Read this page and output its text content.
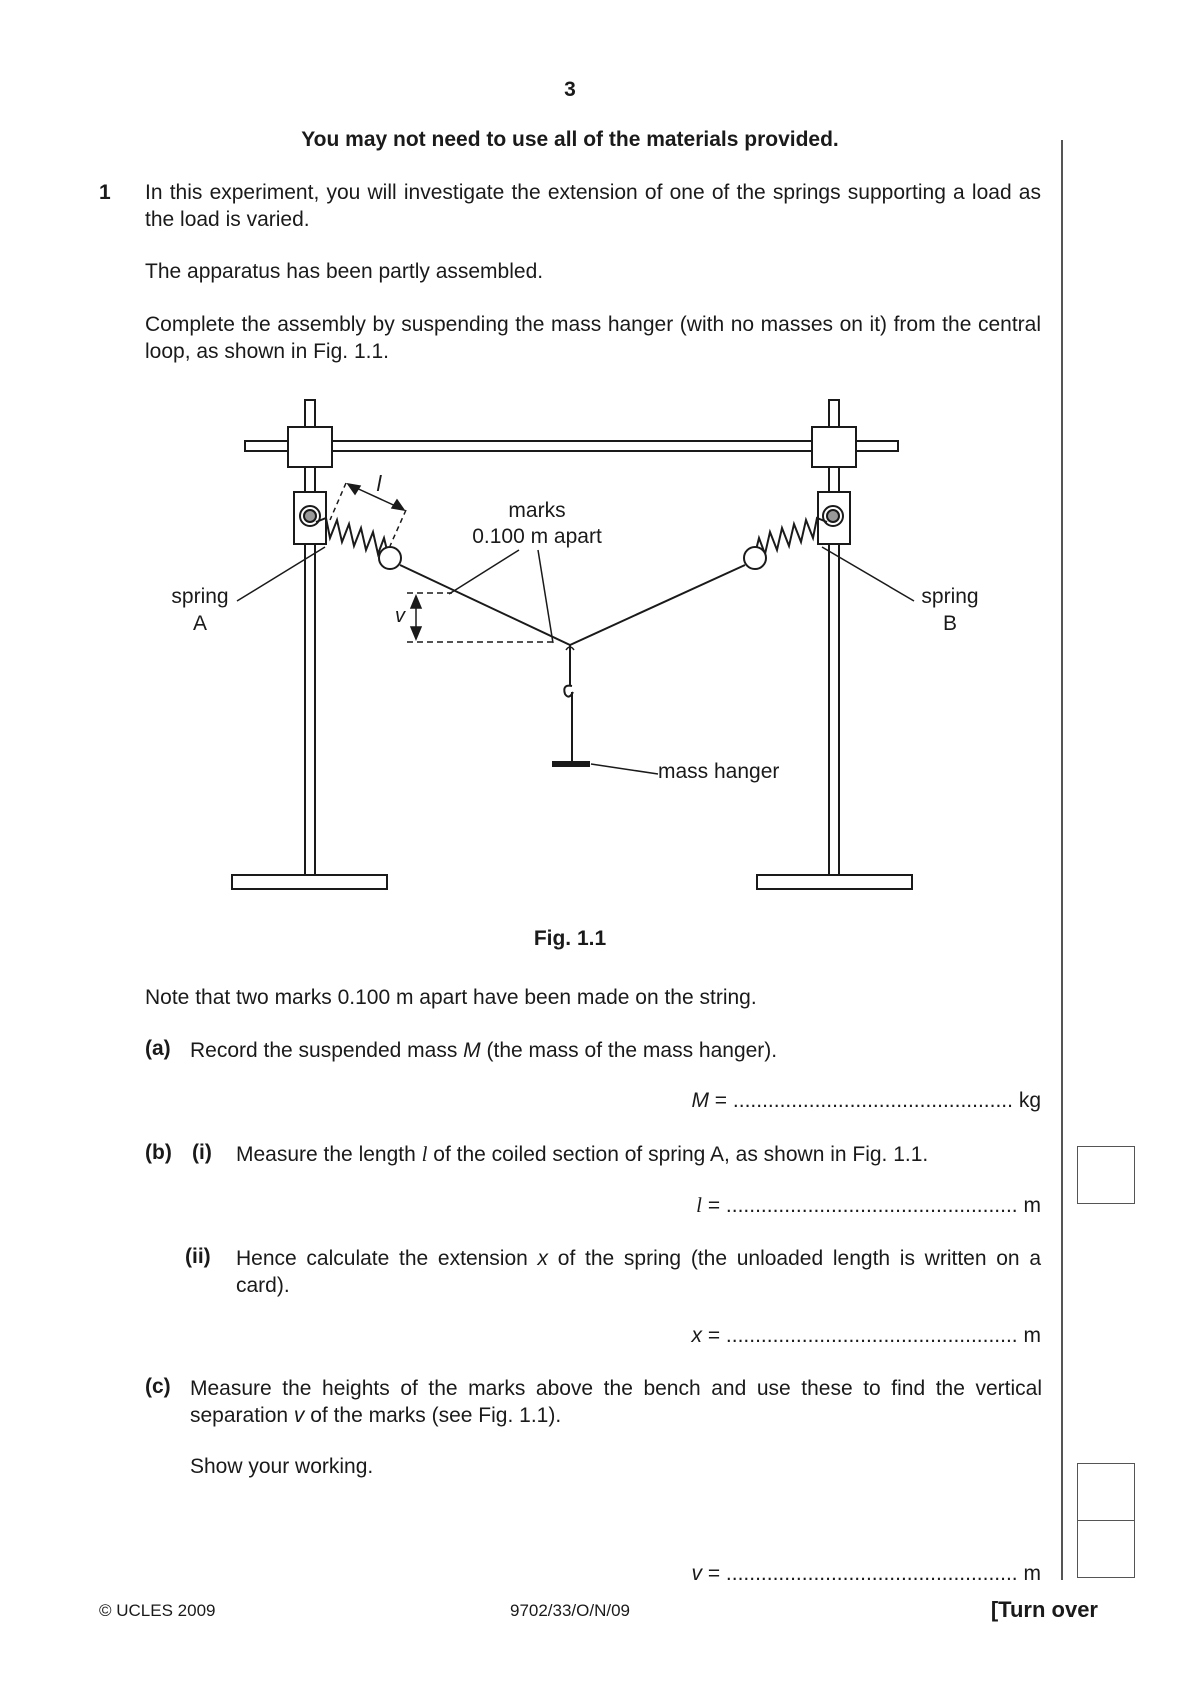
3
You may not need to use all of the materials provided.
1 In this experiment, you will investigate the extension of one of the springs supporting a load as the load is varied.
The apparatus has been partly assembled.
Complete the assembly by suspending the mass hanger (with no masses on it) from the central loop, as shown in Fig. 1.1.
marks
0.100 m apart
spring
A
spring
B
v
l
mass hanger
Fig. 1.1
Note that two marks 0.100 m apart have been made on the string.
(a) Record the suspended mass M (the mass of the mass hanger).
M = ................................................ kg
(b) (i) Measure the length l of the coiled section of spring A, as shown in Fig. 1.1.
l = .................................................. m
(ii) Hence calculate the extension x of the spring (the unloaded length is written on a card).
x = .................................................. m
(c) Measure the heights of the marks above the bench and use these to find the vertical separation v of the marks (see Fig. 1.1).
Show your working.
v = .................................................. m
© UCLES 2009	9702/33/O/N/09	[Turn over
